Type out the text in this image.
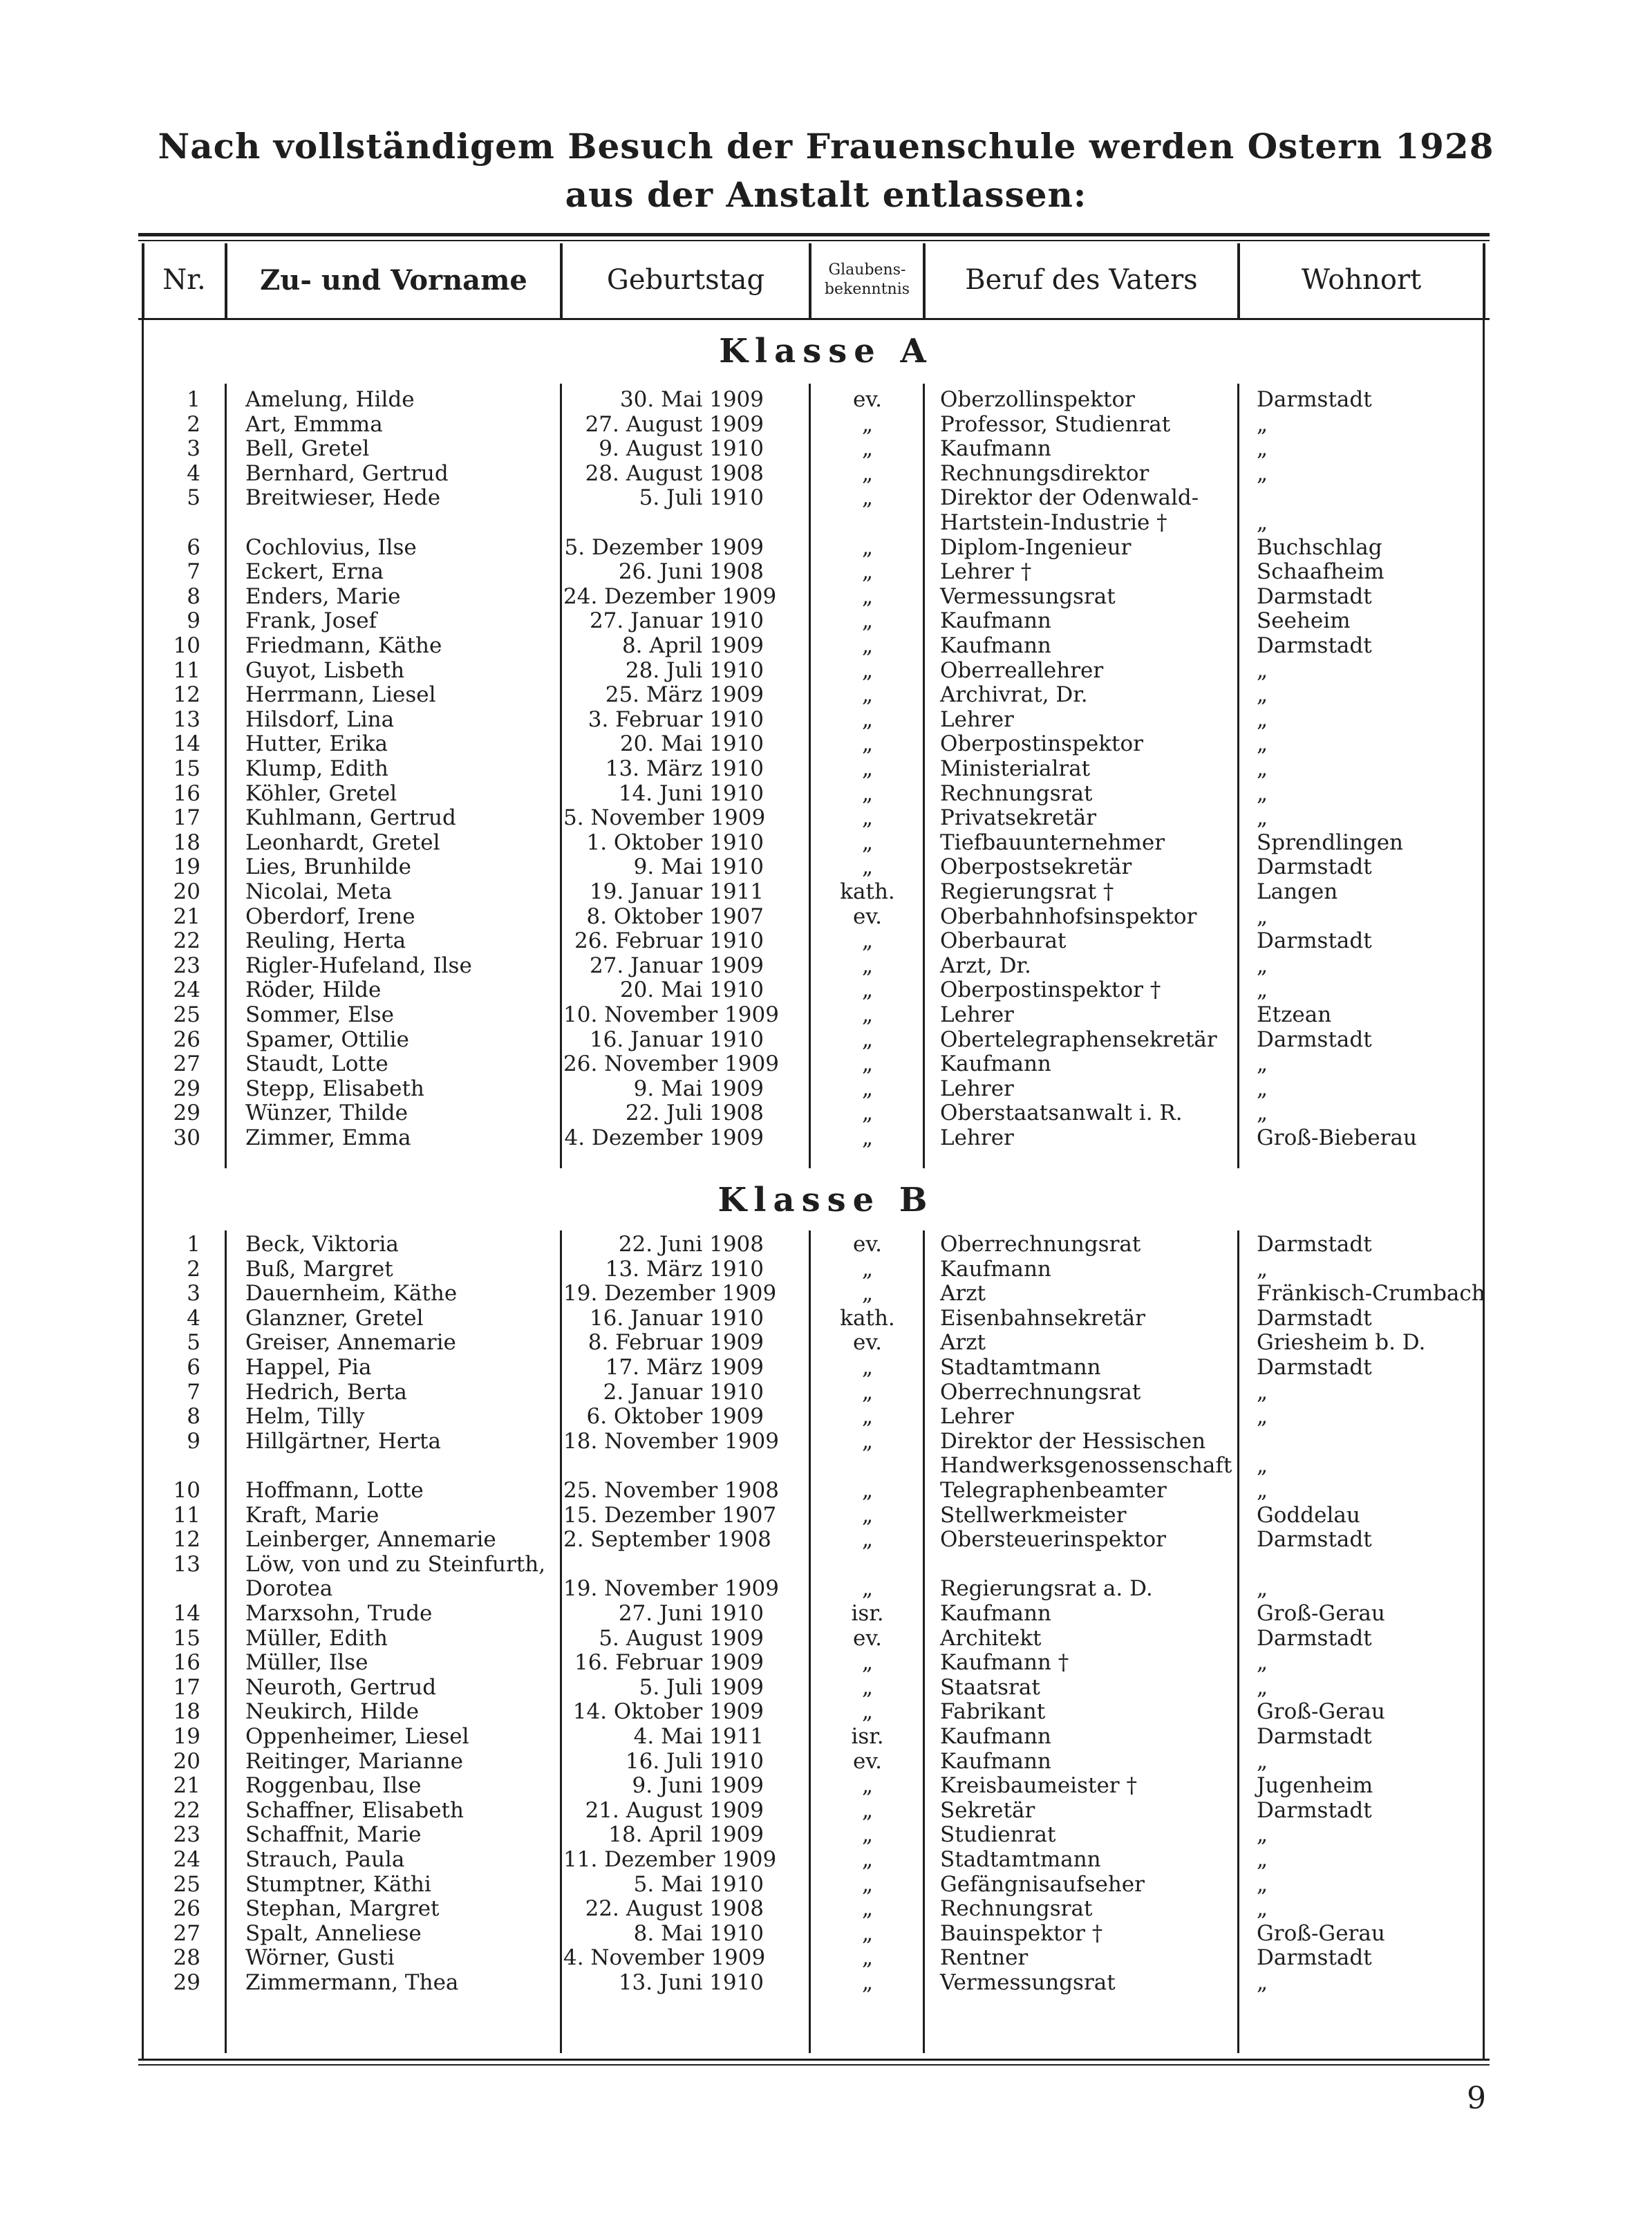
Nach vollständigem Besuch der Frauenschule werden Ostern 1928
aus der Anstalt entlassen:
Nr.	Zu- und Vorname	Geburtstag	Glaubens-
bekenntnis	Beruf des Vaters	Wohnort
Klasse A
1 Amelung, Hilde	30. Mai 1909	ev.	Oberzollinspektor	Darmstadt
2 Art, Emmma	27. August 1909	„	Professor, Studienrat	„
3 Bell, Gretel	9. August 1910	„	Kaufmann	„
4 Bernhard, Gertrud	28. August 1908	„	Rechnungsdirektor	„
5 Breitwieser, Hede	5. Juli 1910	„	Direktor der Odenwald-
Hartstein-Industrie †	„
6 Cochlovius, Ilse	5. Dezember 1909	„	Diplom-Ingenieur	Buchschlag
7 Eckert, Erna	26. Juni 1908	„	Lehrer †	Schaafheim
8 Enders, Marie	24. Dezember 1909	„	Vermessungsrat	Darmstadt
9 Frank, Josef	27. Januar 1910	„	Kaufmann	Seeheim
10 Friedmann, Käthe	8. April 1909	„	Kaufmann	Darmstadt
11 Guyot, Lisbeth	28. Juli 1910	„	Oberreallehrer	„
12 Herrmann, Liesel	25. März 1909	„	Archivrat, Dr.	„
13 Hilsdorf, Lina	3. Februar 1910	„	Lehrer	„
14 Hutter, Erika	20. Mai 1910	„	Oberpostinspektor	„
15 Klump, Edith	13. März 1910	„	Ministerialrat	„
16 Köhler, Gretel	14. Juni 1910	„	Rechnungsrat	„
17 Kuhlmann, Gertrud	5. November 1909	„	Privatsekretär	„
18 Leonhardt, Gretel	1. Oktober 1910	„	Tiefbauunternehmer	Sprendlingen
19 Lies, Brunhilde	9. Mai 1910	„	Oberpostsekretär	Darmstadt
20 Nicolai, Meta	19. Januar 1911	kath.	Regierungsrat †	Langen
21 Oberdorf, Irene	8. Oktober 1907	ev.	Oberbahnhofsinspektor	„
22 Reuling, Herta	26. Februar 1910	„	Oberbaurat	Darmstadt
23 Rigler-Hufeland, Ilse	27. Januar 1909	„	Arzt, Dr.	„
24 Röder, Hilde	20. Mai 1910	„	Oberpostinspektor †	„
25 Sommer, Else	10. November 1909	„	Lehrer	Etzean
26 Spamer, Ottilie	16. Januar 1910	„	Obertelegraphensekretär Darmstadt
27 Staudt, Lotte	26. November 1909	„	Kaufmann	„
29 Stepp, Elisabeth	9. Mai 1909	„	Lehrer	„
29 Wünzer, Thilde	22. Juli 1908	„	Oberstaatsanwalt i. R.	„
30 Zimmer, Emma	4. Dezember 1909	„	Lehrer	Groß-Bieberau
Klasse B
1 Beck, Viktoria	22. Juni 1908	ev.	Oberrechnungsrat	Darmstadt
2 Buß, Margret	13. März 1910	„	Kaufmann	„
3 Dauernheim, Käthe	19. Dezember 1909	„	Arzt	Fränkisch-Crumbach
4 Glanzner, Gretel	16. Januar 1910	kath.	Eisenbahnsekretär	Darmstadt
5 Greiser, Annemarie	8. Februar 1909	ev.	Arzt	Griesheim b. D.
6 Happel, Pia	17. März 1909	„	Stadtamtmann	Darmstadt
7 Hedrich, Berta	2. Januar 1910	„	Oberrechnungsrat	„
8 Helm, Tilly	6. Oktober 1909	„	Lehrer	„
9 Hillgärtner, Herta	18. November 1909	„	Direktor der Hessischen
Handwerksgenossenschaft „
10 Hoffmann, Lotte	25. November 1908	„	Telegraphenbeamter	„
11 Kraft, Marie	15. Dezember 1907	„	Stellwerkmeister	Goddelau
12 Leinberger, Annemarie	2. September 1908	„	Obersteuerinspektor	Darmstadt
13 Löw, von und zu Steinfurth,
Dorotea	19. November 1909	„	Regierungsrat a. D.	„
14 Marxsohn, Trude	27. Juni 1910	isr.	Kaufmann	Groß-Gerau
15 Müller, Edith	5. August 1909	ev.	Architekt	Darmstadt
16 Müller, Ilse	16. Februar 1909	„	Kaufmann †	„
17 Neuroth, Gertrud	5. Juli 1909	„	Staatsrat	„
18 Neukirch, Hilde	14. Oktober 1909	„	Fabrikant	Groß-Gerau
19 Oppenheimer, Liesel	4. Mai 1911	isr.	Kaufmann	Darmstadt
20 Reitinger, Marianne	16. Juli 1910	ev.	Kaufmann	„
21 Roggenbau, Ilse	9. Juni 1909	„	Kreisbaumeister †	Jugenheim
22 Schaffner, Elisabeth	21. August 1909	„	Sekretär	Darmstadt
23 Schaffnit, Marie	18. April 1909	„	Studienrat	„
24 Strauch, Paula	11. Dezember 1909	„	Stadtamtmann	„
25 Stumptner, Käthi	5. Mai 1910	„	Gefängnisaufseher	„
26 Stephan, Margret	22. August 1908	„	Rechnungsrat	„
27 Spalt, Anneliese	8. Mai 1910	„	Bauinspektor †	Groß-Gerau
28 Wörner, Gusti	4. November 1909	„	Rentner	Darmstadt
29 Zimmermann, Thea	13. Juni 1910	„	Vermessungsrat	„
9
